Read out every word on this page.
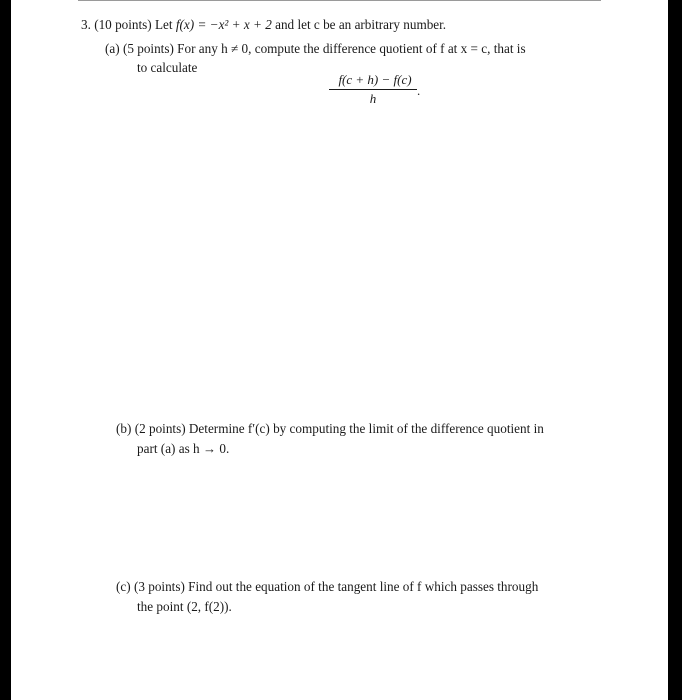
3. (10 points) Let f(x) = −x² + x + 2 and let c be an arbitrary number.
(a) (5 points) For any h ≠ 0, compute the difference quotient of f at x = c, that is
to calculate
f(c + h) − f(c)
h
.
(b) (2 points) Determine f′(c) by computing the limit of the difference quotient in
part (a) as h → 0.
(c) (3 points) Find out the equation of the tangent line of f which passes through
the point (2, f(2)).
